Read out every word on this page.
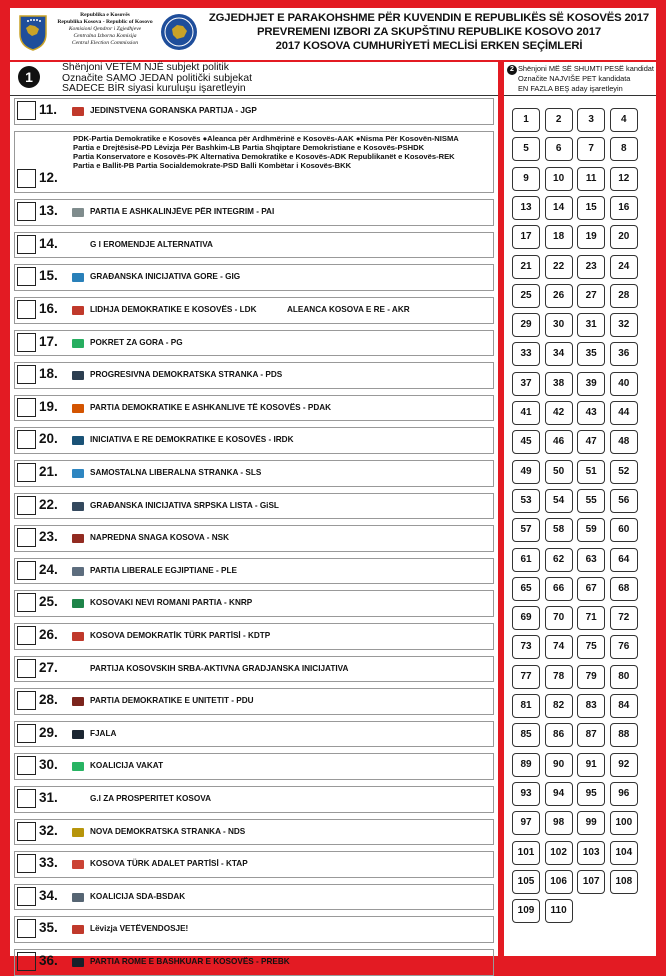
Republika e Kosovës
Republika Kosova - Republic of Kosovo
Komisioni Qendror i Zgjedhjeve
Centralna Izborna Komisija
Central Election Commission
ZGJEDHJET E PARAKOHSHME PËR KUVENDIN E REPUBLIKËS SË KOSOVËS 2017
PREVREMENI IZBORI ZA SKUPŠTINU REPUBLIKE KOSOVO 2017
2017 KOSOVA CUMHURİYETİ MECLİSİ ERKEN SEÇİMLERİ
1
Shënjoni VETËM NJË subjekt politik
Označite SAMO JEDAN politički subjekat
SADECE BİR siyasi kuruluşu işaretleyin
11.	JEDINSTVENA GORANSKA PARTIJA - JGP
12.
PDK-Partia Demokratike e Kosovës ●Aleanca për Ardhmërinë e Kosovës-AAK ●Nisma Për Kosovën-NISMA
Partia e Drejtësisë-PD Lëvizja Për Bashkim-LB Partia Shqiptare Demokristiane e Kosovës-PSHDK
Partia Konservatore e Kosovës-PK Alternativa Demokratike e Kosovës-ADK Republikanët e Kosovës-REK
Partia e Ballit-PB Partia Socialdemokrate-PSD Balli Kombëtar i Kosovës-BKK
13.	PARTIA E ASHKALINJËVE PËR INTEGRIM - PAI
14.	G I EROMENDJE ALTERNATIVA
15.	GRAĐANSKA INICIJATIVA GORE - GIG
16.	LIDHJA DEMOKRATIKE E KOSOVËS - LDK	ALEANCA KOSOVA E RE - AKR
17.	POKRET ZA GORA - PG
18.	PROGRESIVNA DEMOKRATSKA STRANKA - PDS
19.	PARTIA DEMOKRATIKE E ASHKANLIVE TË KOSOVËS - PDAK
20.	INICIATIVA E RE DEMOKRATIKE E KOSOVËS - IRDK
21.	SAMOSTALNA LIBERALNA STRANKA - SLS
22.	GRAĐANSKA INICIJATIVA SRPSKA LISTA - GiSL
23.	NAPREDNA SNAGA KOSOVA - NSK
24.	PARTIA LIBERALE EGJIPTIANE - PLE
25.	KOSOVAKI NEVI ROMANI PARTIA - KNRP
26.	KOSOVA DEMOKRATİK TÜRK PARTİSİ - KDTP
27.	PARTIJA KOSOVSKIH SRBA-AKTIVNA GRADJANSKA INICIJATIVA
28.	PARTIA DEMOKRATIKE E UNITETIT - PDU
29.	FJALA
30.	KOALICIJA VAKAT
31.	G.I ZA PROSPERITET KOSOVA
32.	NOVA DEMOKRATSKA STRANKA - NDS
33.	KOSOVA TÜRK ADALET PARTİSİ - KTAP
34.	KOALICIJA SDA-BSDAK
35.	Lëvizja VETËVENDOSJE!
36.	PARTIA ROME E BASHKUAR E KOSOVËS - PREBK
2 Shënjoni MË SË SHUMTI PESË kandidat
Označite NAJVIŠE PET kandidata
EN FAZLA BEŞ aday işaretleyin
1	2	3	4
5	6	7	8
9	10	11	12
13	14	15	16
17	18	19	20
21	22	23	24
25	26	27	28
29	30	31	32
33	34	35	36
37	38	39	40
41	42	43	44
45	46	47	48
49	50	51	52
53	54	55	56
57	58	59	60
61	62	63	64
65	66	67	68
69	70	71	72
73	74	75	76
77	78	79	80
81	82	83	84
85	86	87	88
89	90	91	92
93	94	95	96
97	98	99	100
101	102	103	104
105	106	107	108
109	110
